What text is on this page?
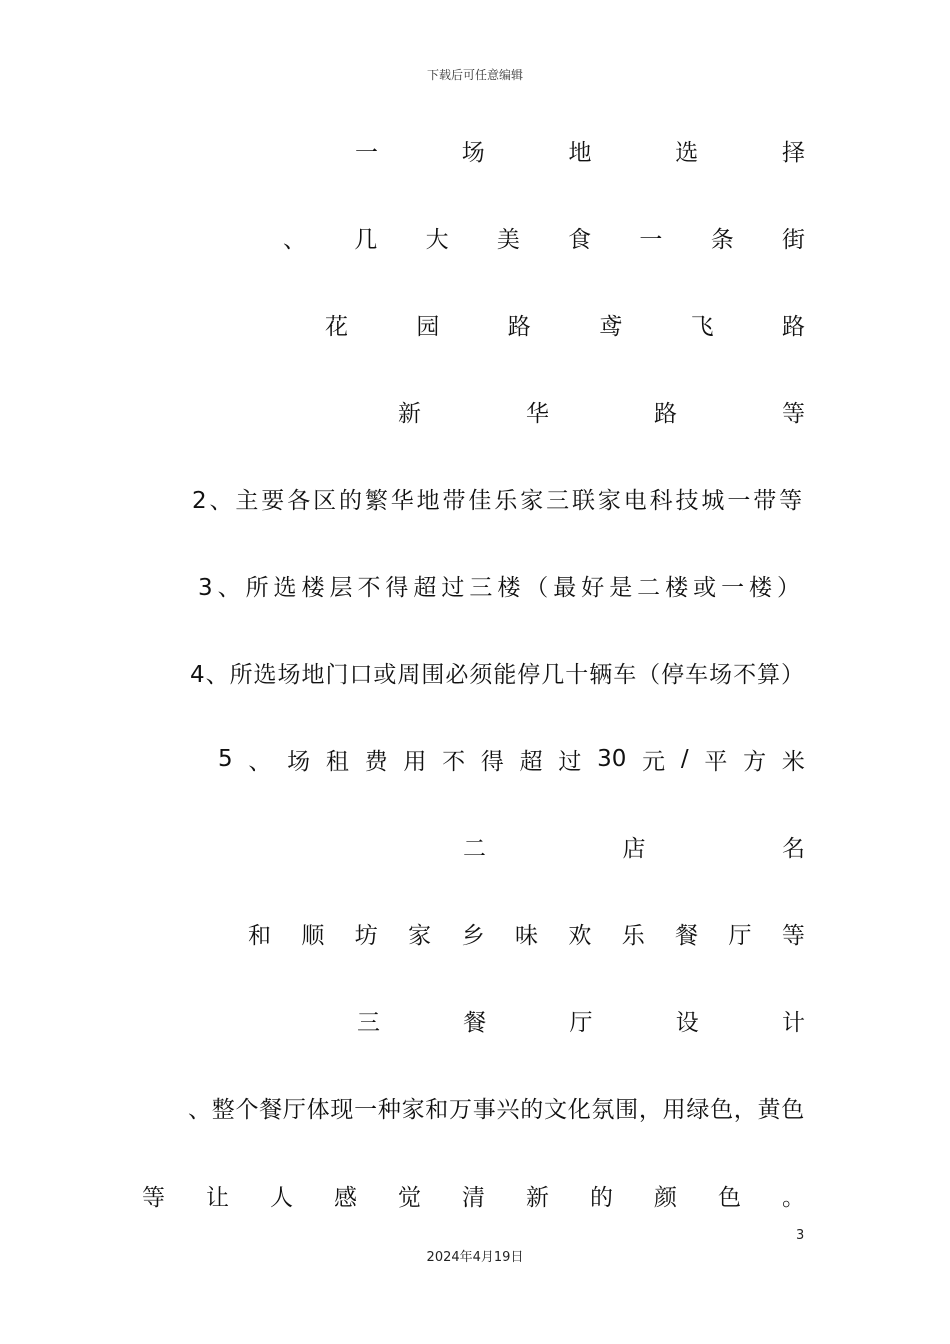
下载后可任意编辑
一	场	地	选	择
、 几 大 美 食 一 条 街
花	园	路	鸢	飞	路
新	华	路	等
2、主要各区的繁华地带佳乐家三联家电科技城一带等
3、所选楼层不得超过三楼（最好是二楼或一楼）
4、所选场地门口或周围必须能停几十辆车（停车场不算）
5 、 场 租 费 用 不 得 超 过 30 元 / 平 方 米
二	店	名
和 顺 坊 家 乡 味 欢 乐 餐 厅 等
三	餐	厅	设	计
、整个餐厅体现一种家和万事兴的文化氛围，用绿色，黄色
等 让 人 感 觉 清 新 的 颜 色 。
3
2024年4月19日
